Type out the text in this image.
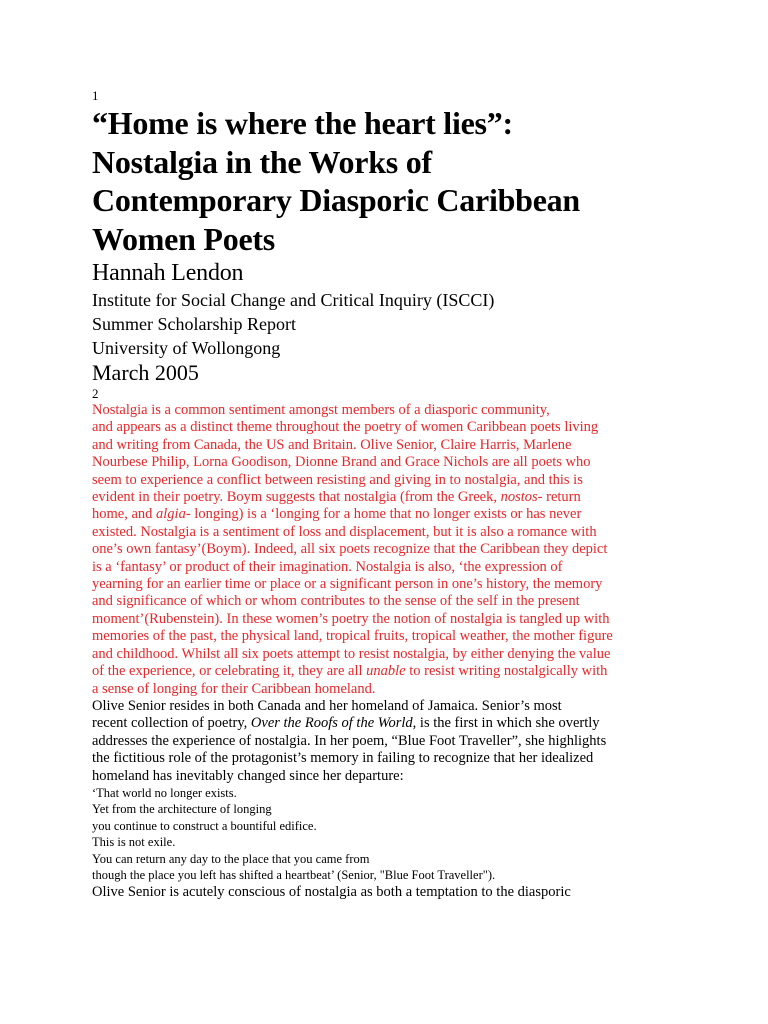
1

“Home is where the heart lies”:
Nostalgia in the Works of
Contemporary Diasporic Caribbean
Women Poets

Hannah Lendon

Institute for Social Change and Critical Inquiry (ISCCI)

Summer Scholarship Report

University of Wollongong

March 2005

2

Nostalgia is a common sentiment amongst members of a diasporic community,
and appears as a distinct theme throughout the poetry of women Caribbean poets living
and writing from Canada, the US and Britain. Olive Senior, Claire Harris, Marlene
Nourbese Philip, Lorna Goodison, Dionne Brand and Grace Nichols are all poets who
seem to experience a conflict between resisting and giving in to nostalgia, and this is
evident in their poetry. Boym suggests that nostalgia (from the Greek, nostos- return
home, and algia- longing) is a ‘longing for a home that no longer exists or has never
existed. Nostalgia is a sentiment of loss and displacement, but it is also a romance with
one’s own fantasy’(Boym). Indeed, all six poets recognize that the Caribbean they depict
is a ‘fantasy’ or product of their imagination. Nostalgia is also, ‘the expression of
yearning for an earlier time or place or a significant person in one’s history, the memory
and significance of which or whom contributes to the sense of the self in the present
moment’(Rubenstein). In these women’s poetry the notion of nostalgia is tangled up with
memories of the past, the physical land, tropical fruits, tropical weather, the mother figure
and childhood. Whilst all six poets attempt to resist nostalgia, by either denying the value
of the experience, or celebrating it, they are all unable to resist writing nostalgically with
a sense of longing for their Caribbean homeland.
Olive Senior resides in both Canada and her homeland of Jamaica. Senior’s most
recent collection of poetry, Over the Roofs of the World, is the first in which she overtly
addresses the experience of nostalgia. In her poem, “Blue Foot Traveller”, she highlights
the fictitious role of the protagonist’s memory in failing to recognize that her idealized
homeland has inevitably changed since her departure:
‘That world no longer exists.
Yet from the architecture of longing
you continue to construct a bountiful edifice.
This is not exile.
You can return any day to the place that you came from
though the place you left has shifted a heartbeat’ (Senior, "Blue Foot Traveller").
Olive Senior is acutely conscious of nostalgia as both a temptation to the diasporic
